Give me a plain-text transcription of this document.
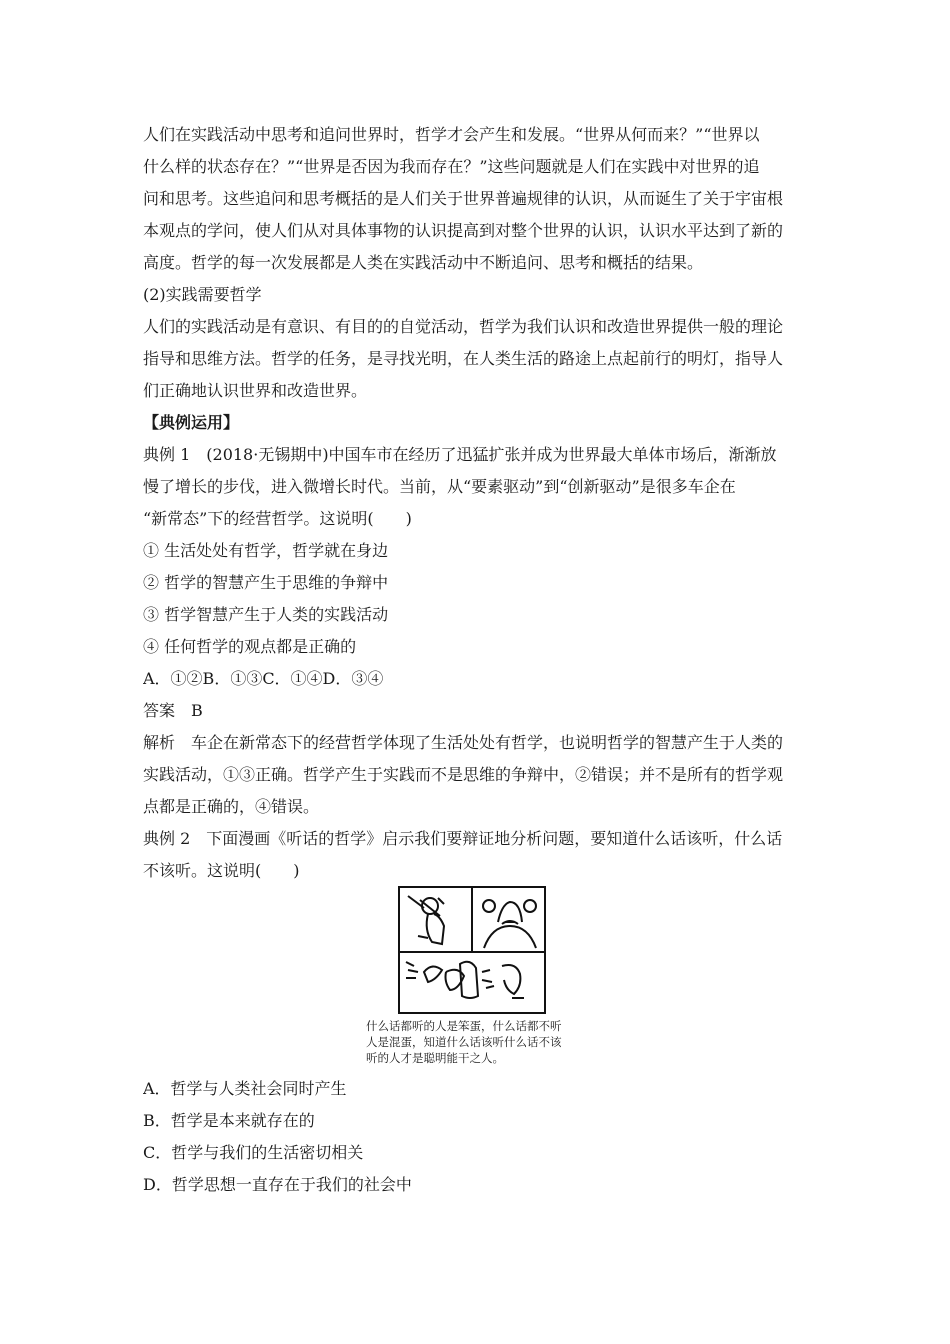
人们在实践活动中思考和追问世界时，哲学才会产生和发展。“世界从何而来？”“世界以
什么样的状态存在？”“世界是否因为我而存在？”这些问题就是人们在实践中对世界的追
问和思考。这些追问和思考概括的是人们关于世界普遍规律的认识，从而诞生了关于宇宙根
本观点的学问，使人们从对具体事物的认识提高到对整个世界的认识，认识水平达到了新的
高度。哲学的每一次发展都是人类在实践活动中不断追问、思考和概括的结果。
(2)实践需要哲学
人们的实践活动是有意识、有目的的自觉活动，哲学为我们认识和改造世界提供一般的理论
指导和思维方法。哲学的任务，是寻找光明，在人类生活的路途上点起前行的明灯，指导人
们正确地认识世界和改造世界。
【典例运用】
典例 1　(2018·无锡期中)中国车市在经历了迅猛扩张并成为世界最大单体市场后，渐渐放
慢了增长的步伐，进入微增长时代。当前，从“要素驱动”到“创新驱动”是很多车企在
“新常态”下的经营哲学。这说明(　　)
① 生活处处有哲学，哲学就在身边
② 哲学的智慧产生于思维的争辩中
③ 哲学智慧产生于人类的实践活动
④ 任何哲学的观点都是正确的
A．①②B．①③C．①④D．③④
答案　B
解析　车企在新常态下的经营哲学体现了生活处处有哲学，也说明哲学的智慧产生于人类的
实践活动，①③正确。哲学产生于实践而不是思维的争辩中，②错误；并不是所有的哲学观
点都是正确的，④错误。
典例 2　下面漫画《听话的哲学》启示我们要辩证地分析问题，要知道什么话该听，什么话
不该听。这说明(　　)
什么话都听的人是笨蛋，什么话都不听
人是混蛋，知道什么话该听什么话不该
听的人才是聪明能干之人。
A．哲学与人类社会同时产生
B．哲学是本来就存在的
C．哲学与我们的生活密切相关
D．哲学思想一直存在于我们的社会中
